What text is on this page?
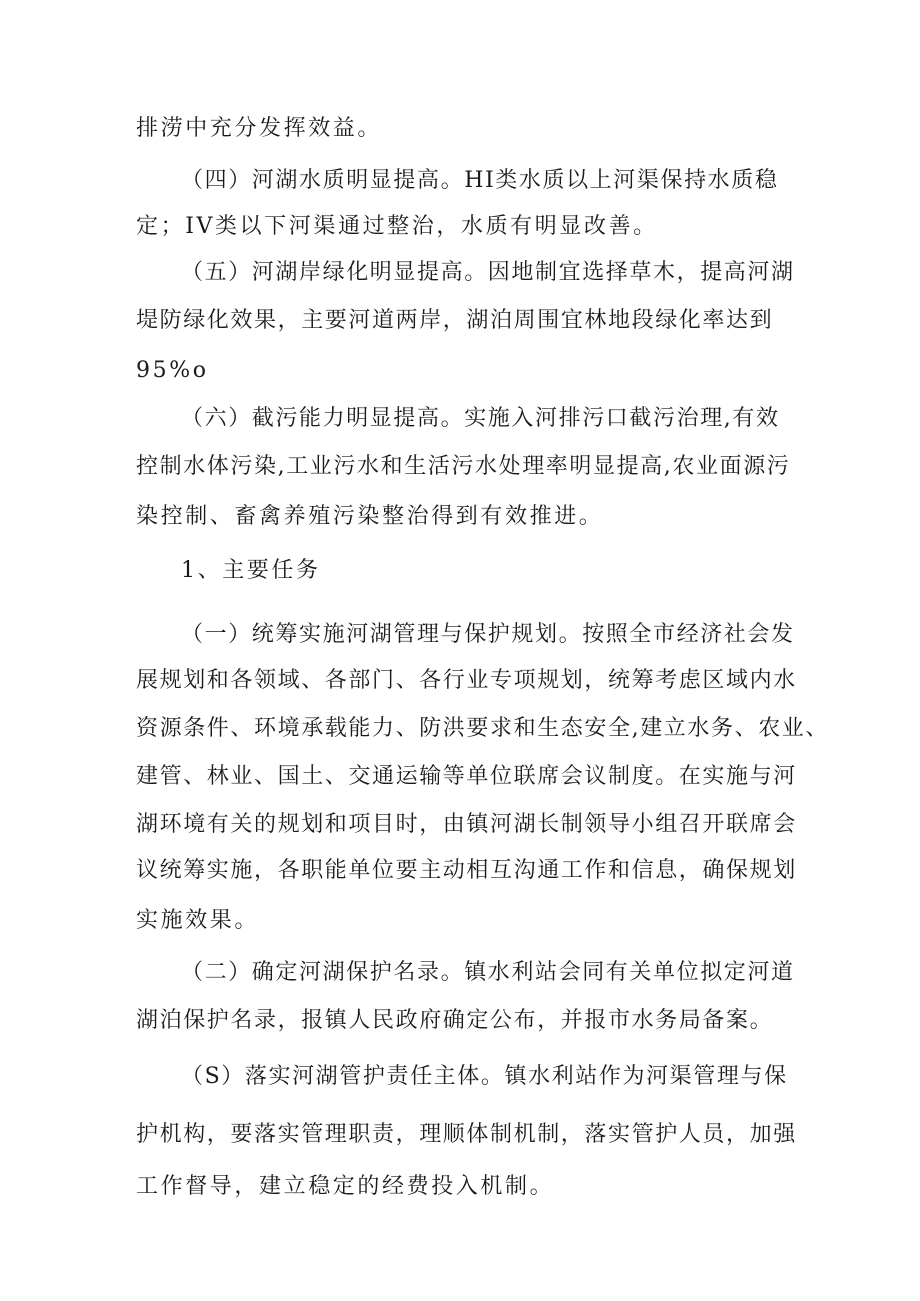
排涝中充分发挥效益。
（四）河湖水质明显提高。HI类水质以上河渠保持水质稳
定；IV类以下河渠通过整治，水质有明显改善。
（五）河湖岸绿化明显提高。因地制宜选择草木，提高河湖
堤防绿化效果，主要河道两岸，湖泊周围宜林地段绿化率达到
95%o
（六）截污能力明显提高。实施入河排污口截污治理,有效
控制水体污染,工业污水和生活污水处理率明显提高,农业面源污
染控制、畜禽养殖污染整治得到有效推进。
1、主要任务
（一）统筹实施河湖管理与保护规划。按照全市经济社会发
展规划和各领域、各部门、各行业专项规划，统筹考虑区域内水
资源条件、环境承载能力、防洪要求和生态安全,建立水务、农业、
建管、林业、国土、交通运输等单位联席会议制度。在实施与河
湖环境有关的规划和项目时，由镇河湖长制领导小组召开联席会
议统筹实施，各职能单位要主动相互沟通工作和信息，确保规划
实施效果。
（二）确定河湖保护名录。镇水利站会同有关单位拟定河道
湖泊保护名录，报镇人民政府确定公布，并报市水务局备案。
（S）落实河湖管护责任主体。镇水利站作为河渠管理与保
护机构，要落实管理职责，理顺体制机制，落实管护人员，加强
工作督导，建立稳定的经费投入机制。
